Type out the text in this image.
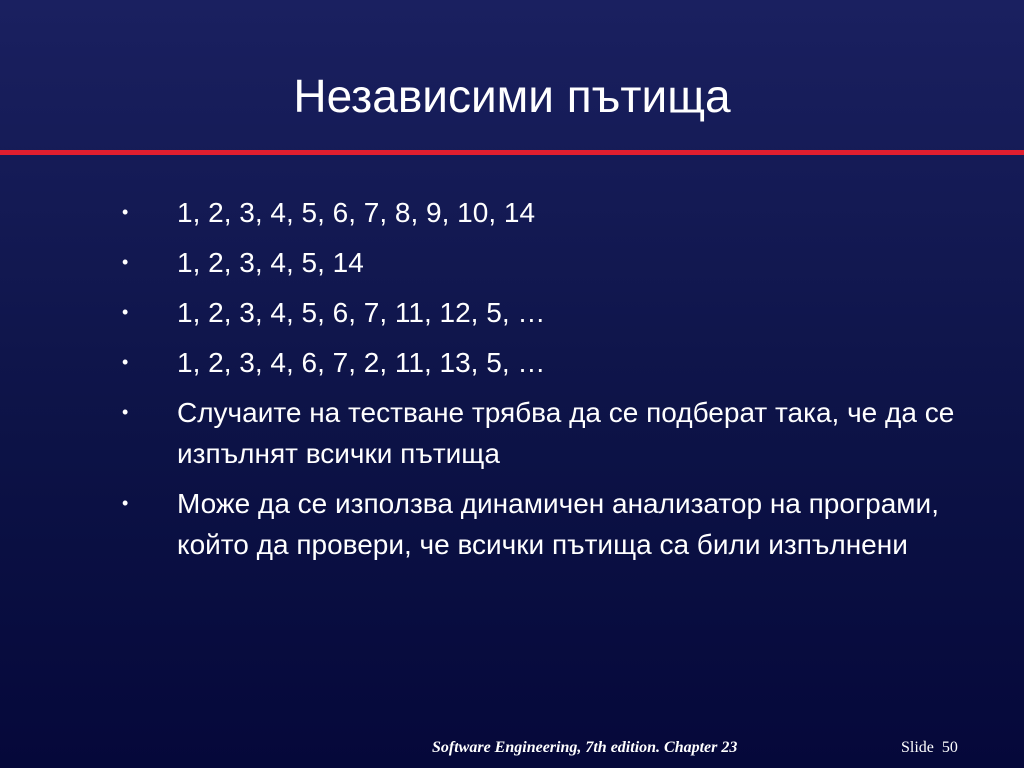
Независими пътища
• 1, 2, 3, 4, 5, 6, 7, 8, 9, 10, 14
• 1, 2, 3, 4, 5, 14
• 1, 2, 3, 4, 5, 6, 7, 11, 12, 5, …
• 1, 2, 3, 4, 6, 7, 2, 11, 13, 5, …
• Случаите на тестване трябва да се подберат така, че да се изпълнят всички пътища
• Може да се използва динамичен анализатор на програми, който да провери, че всички пътища са били изпълнени
Software Engineering, 7th edition. Chapter 23	Slide 50
